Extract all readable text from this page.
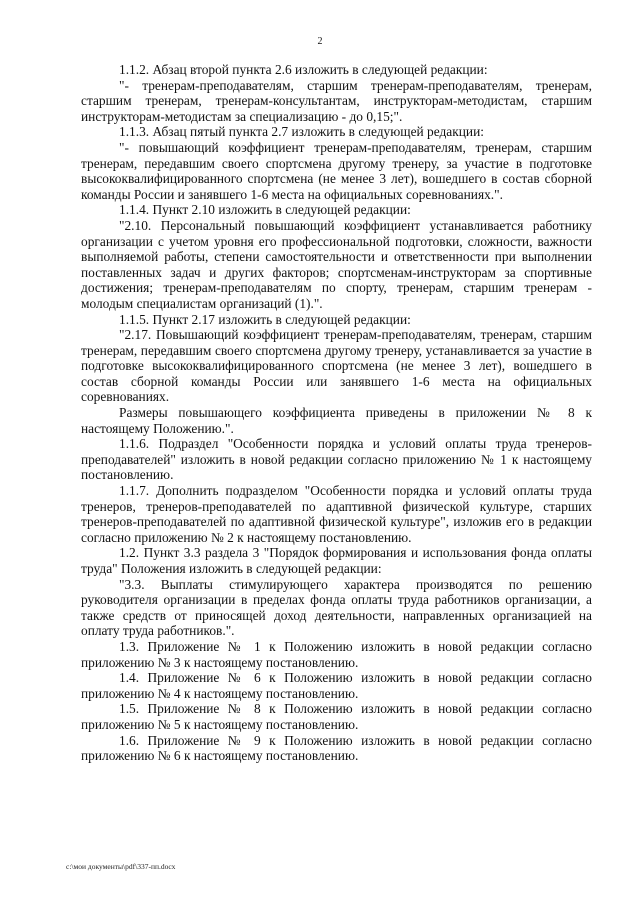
2

1.1.2. Абзац второй пункта 2.6 изложить в следующей редакции:

"- тренерам-преподавателям, старшим тренерам-преподавателям, тренерам, старшим тренерам, тренерам-консультантам, инструкторам-методистам, старшим инструкторам-методистам за специализацию - до 0,15;".

1.1.3. Абзац пятый пункта 2.7 изложить в следующей редакции:

"- повышающий коэффициент тренерам-преподавателям, тренерам, старшим тренерам, передавшим своего спортсмена другому тренеру, за участие в подготовке высококвалифицированного спортсмена (не менее 3 лет), вошедшего в состав сборной команды России и занявшего 1-6 места на официальных соревнованиях.".

1.1.4. Пункт 2.10 изложить в следующей редакции:

"2.10. Персональный повышающий коэффициент устанавливается работнику организации с учетом уровня его профессиональной подготовки, сложности, важности выполняемой работы, степени самостоятельности и ответственности при выполнении поставленных задач и других факторов; спортсменам-инструкторам за спортивные достижения; тренерам-преподавателям по спорту, тренерам, старшим тренерам - молодым специалистам организаций (1).".

1.1.5. Пункт 2.17 изложить в следующей редакции:

"2.17. Повышающий коэффициент тренерам-преподавателям, тренерам, старшим тренерам, передавшим своего спортсмена другому тренеру, устанавливается за участие в подготовке высококвалифицированного спортсмена (не менее 3 лет), вошедшего в состав сборной команды России или занявшего 1-6 места на официальных соревнованиях.

Размеры повышающего коэффициента приведены в приложении № 8 к настоящему Положению.".

1.1.6. Подраздел "Особенности порядка и условий оплаты труда тренеров-преподавателей" изложить в новой редакции согласно приложению № 1 к настоящему постановлению.

1.1.7. Дополнить подразделом "Особенности порядка и условий оплаты труда тренеров, тренеров-преподавателей по адаптивной физической культуре, старших тренеров-преподавателей по адаптивной физической культуре", изложив его в редакции согласно приложению № 2 к настоящему постановлению.

1.2. Пункт 3.3 раздела 3 "Порядок формирования и использования фонда оплаты труда" Положения изложить в следующей редакции:

"3.3. Выплаты стимулирующего характера производятся по решению руководителя организации в пределах фонда оплаты труда работников организации, а также средств от приносящей доход деятельности, направленных организацией на оплату труда работников.".

1.3. Приложение № 1 к Положению изложить в новой редакции согласно приложению № 3 к настоящему постановлению.

1.4. Приложение № 6 к Положению изложить в новой редакции согласно приложению № 4 к настоящему постановлению.

1.5. Приложение № 8 к Положению изложить в новой редакции согласно приложению № 5 к настоящему постановлению.

1.6. Приложение № 9 к Положению изложить в новой редакции согласно приложению № 6 к настоящему постановлению.

c:\мои документы\pdf\337-пп.docx
